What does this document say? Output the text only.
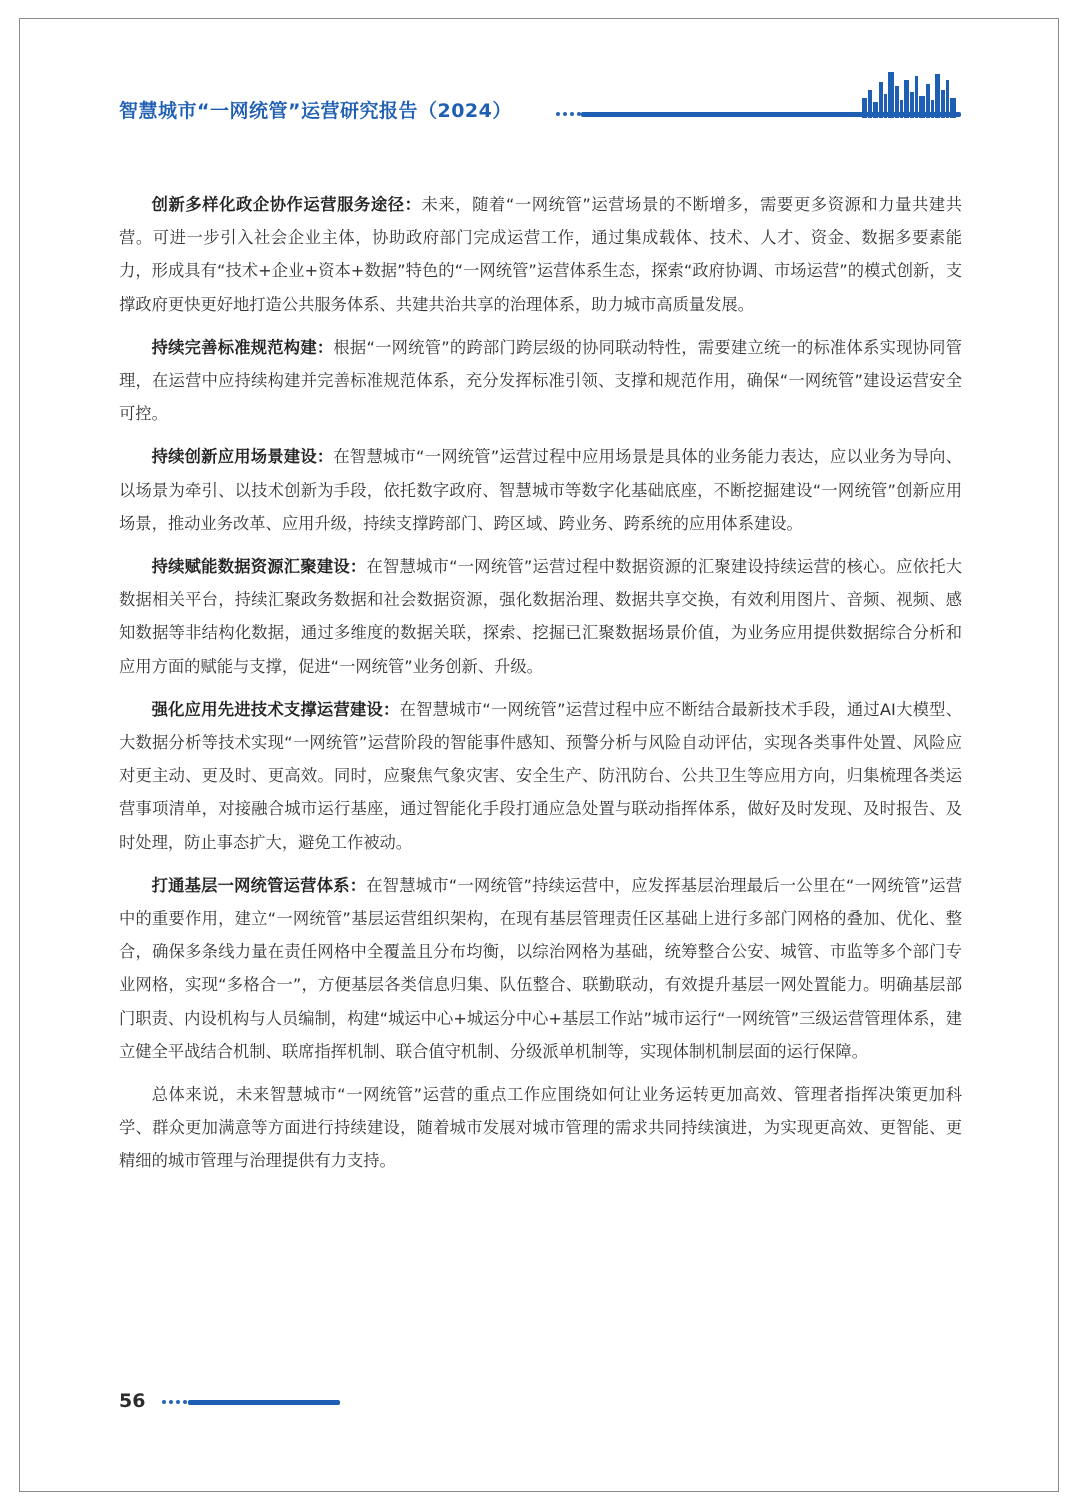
智慧城市“一网统管”运营研究报告（2024）

创新多样化政企协作运营服务途径：未来，随着“一网统管”运营场景的不断增多，需要更多资源和力量共建共营。可进一步引入社会企业主体，协助政府部门完成运营工作，通过集成载体、技术、人才、资金、数据多要素能力，形成具有“技术+企业+资本+数据”特色的“一网统管”运营体系生态，探索“政府协调、市场运营”的模式创新，支撑政府更快更好地打造公共服务体系、共建共治共享的治理体系，助力城市高质量发展。

持续完善标准规范构建：根据“一网统管”的跨部门跨层级的协同联动特性，需要建立统一的标准体系实现协同管理，在运营中应持续构建并完善标准规范体系，充分发挥标准引领、支撑和规范作用，确保“一网统管”建设运营安全可控。

持续创新应用场景建设：在智慧城市“一网统管”运营过程中应用场景是具体的业务能力表达，应以业务为导向、以场景为牵引、以技术创新为手段，依托数字政府、智慧城市等数字化基础底座，不断挖掘建设“一网统管”创新应用场景，推动业务改革、应用升级，持续支撑跨部门、跨区域、跨业务、跨系统的应用体系建设。

持续赋能数据资源汇聚建设：在智慧城市“一网统管”运营过程中数据资源的汇聚建设持续运营的核心。应依托大数据相关平台，持续汇聚政务数据和社会数据资源，强化数据治理、数据共享交换，有效利用图片、音频、视频、感知数据等非结构化数据，通过多维度的数据关联，探索、挖掘已汇聚数据场景价值，为业务应用提供数据综合分析和应用方面的赋能与支撑，促进“一网统管”业务创新、升级。

强化应用先进技术支撑运营建设：在智慧城市“一网统管”运营过程中应不断结合最新技术手段，通过AI大模型、大数据分析等技术实现“一网统管”运营阶段的智能事件感知、预警分析与风险自动评估，实现各类事件处置、风险应对更主动、更及时、更高效。同时，应聚焦气象灾害、安全生产、防汛防台、公共卫生等应用方向，归集梳理各类运营事项清单，对接融合城市运行基座，通过智能化手段打通应急处置与联动指挥体系，做好及时发现、及时报告、及时处理，防止事态扩大，避免工作被动。

打通基层一网统管运营体系：在智慧城市“一网统管”持续运营中，应发挥基层治理最后一公里在“一网统管”运营中的重要作用，建立“一网统管”基层运营组织架构，在现有基层管理责任区基础上进行多部门网格的叠加、优化、整合，确保多条线力量在责任网格中全覆盖且分布均衡，以综治网格为基础，统筹整合公安、城管、市监等多个部门专业网格，实现“多格合一”，方便基层各类信息归集、队伍整合、联勤联动，有效提升基层一网处置能力。明确基层部门职责、内设机构与人员编制，构建“城运中心+城运分中心+基层工作站”城市运行“一网统管”三级运营管理体系，建立健全平战结合机制、联席指挥机制、联合值守机制、分级派单机制等，实现体制机制层面的运行保障。

总体来说，未来智慧城市“一网统管”运营的重点工作应围绕如何让业务运转更加高效、管理者指挥决策更加科学、群众更加满意等方面进行持续建设，随着城市发展对城市管理的需求共同持续演进，为实现更高效、更智能、更精细的城市管理与治理提供有力支持。

56
